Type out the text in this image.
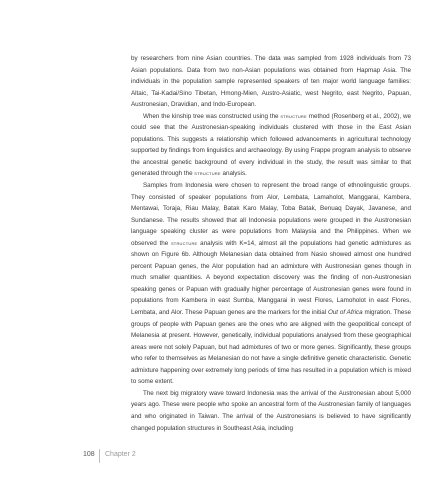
by researchers from nine Asian countries. The data was sampled from 1928 individuals from 73 Asian populations. Data from two non-Asian populations was obtained from Hapmap Asia. The individuals in the population sample represented speakers of ten major world language families: Altaic, Tai-Kadai/Sino Tibetan, Hmong-Mien, Austro-Asiatic, west Negrito, east Negrito, Papuan, Austronesian, Dravidian, and Indo-European.

When the kinship tree was constructed using the structure method (Rosenberg et al., 2002), we could see that the Austronesian-speaking individuals clustered with those in the East Asian populations. This suggests a relationship which followed advancements in agricultural technology supported by findings from linguistics and archaeology. By using Frappe program analysis to observe the ancestral genetic background of every individual in the study, the result was similar to that generated through the structure analysis.

Samples from Indonesia were chosen to represent the broad range of ethnolinguistic groups. They consisted of speaker populations from Alor, Lembata, Lamaholot, Manggarai, Kambera, Mentawai, Toraja, Riau Malay, Batak Karo Malay, Toba Batak, Benuaq Dayak, Javanese, and Sundanese. The results showed that all Indonesia populations were grouped in the Austronesian language speaking cluster as were populations from Malaysia and the Philippines. When we observed the structure analysis with K=14, almost all the populations had genetic admixtures as shown on Figure 6b. Although Melanesian data obtained from Nasio showed almost one hundred percent Papuan genes, the Alor population had an admixture with Austronesian genes though in much smaller quantities. A beyond expectation discovery was the finding of non-Austronesian speaking genes or Papuan with gradually higher percentage of Austronesian genes were found in populations from Kambera in east Sumba, Manggarai in west Flores, Lamoholot in east Flores, Lembata, and Alor. These Papuan genes are the markers for the initial Out of Africa migration. These groups of people with Papuan genes are the ones who are aligned with the geopolitical concept of Melanesia at present. However, genetically, individual populations analysed from these geographical areas were not solely Papuan, but had admixtures of two or more genes. Significantly, these groups who refer to themselves as Melanesian do not have a single definitive genetic characteristic. Genetic admixture happening over extremely long periods of time has resulted in a population which is mixed to some extent.

The next big migratory wave toward Indonesia was the arrival of the Austronesian about 5,000 years ago. These were people who spoke an ancestral form of the Austronesian family of languages and who originated in Taiwan. The arrival of the Austronesians is believed to have significantly changed population structures in Southeast Asia, including

108 Chapter 2
